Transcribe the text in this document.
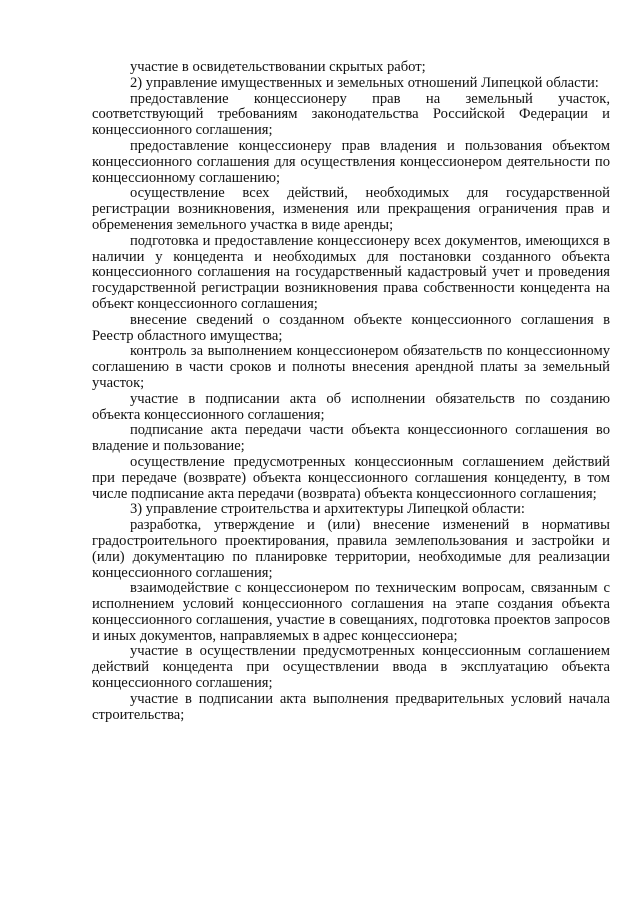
участие в освидетельствовании скрытых работ;

2) управление имущественных и земельных отношений Липецкой области:

предоставление концессионеру прав на земельный участок, соответствующий требованиям законодательства Российской Федерации и концессионного соглашения;

предоставление концессионеру прав владения и пользования объектом концессионного соглашения для осуществления концессионером деятельности по концессионному соглашению;

осуществление всех действий, необходимых для государственной регистрации возникновения, изменения или прекращения ограничения прав и обременения земельного участка в виде аренды;

подготовка и предоставление концессионеру всех документов, имеющихся в наличии у концедента и необходимых для постановки созданного объекта концессионного соглашения на государственный кадастровый учет и проведения государственной регистрации возникновения права собственности концедента на объект концессионного соглашения;

внесение сведений о созданном объекте концессионного соглашения в Реестр областного имущества;

контроль за выполнением концессионером обязательств по концессионному соглашению в части сроков и полноты внесения арендной платы за земельный участок;

участие в подписании акта об исполнении обязательств по созданию объекта концессионного соглашения;

подписание акта передачи части объекта концессионного соглашения во владение и пользование;

осуществление предусмотренных концессионным соглашением действий при передаче (возврате) объекта концессионного соглашения концеденту, в том числе подписание акта передачи (возврата) объекта концессионного соглашения;

3) управление строительства и архитектуры Липецкой области:

разработка, утверждение и (или) внесение изменений в нормативы градостроительного проектирования, правила землепользования и застройки и (или) документацию по планировке территории, необходимые для реализации концессионного соглашения;

взаимодействие с концессионером по техническим вопросам, связанным с исполнением условий концессионного соглашения на этапе создания объекта концессионного соглашения, участие в совещаниях, подготовка проектов запросов и иных документов, направляемых в адрес концессионера;

участие в осуществлении предусмотренных концессионным соглашением действий концедента при осуществлении ввода в эксплуатацию объекта концессионного соглашения;

участие в подписании акта выполнения предварительных условий начала строительства;
